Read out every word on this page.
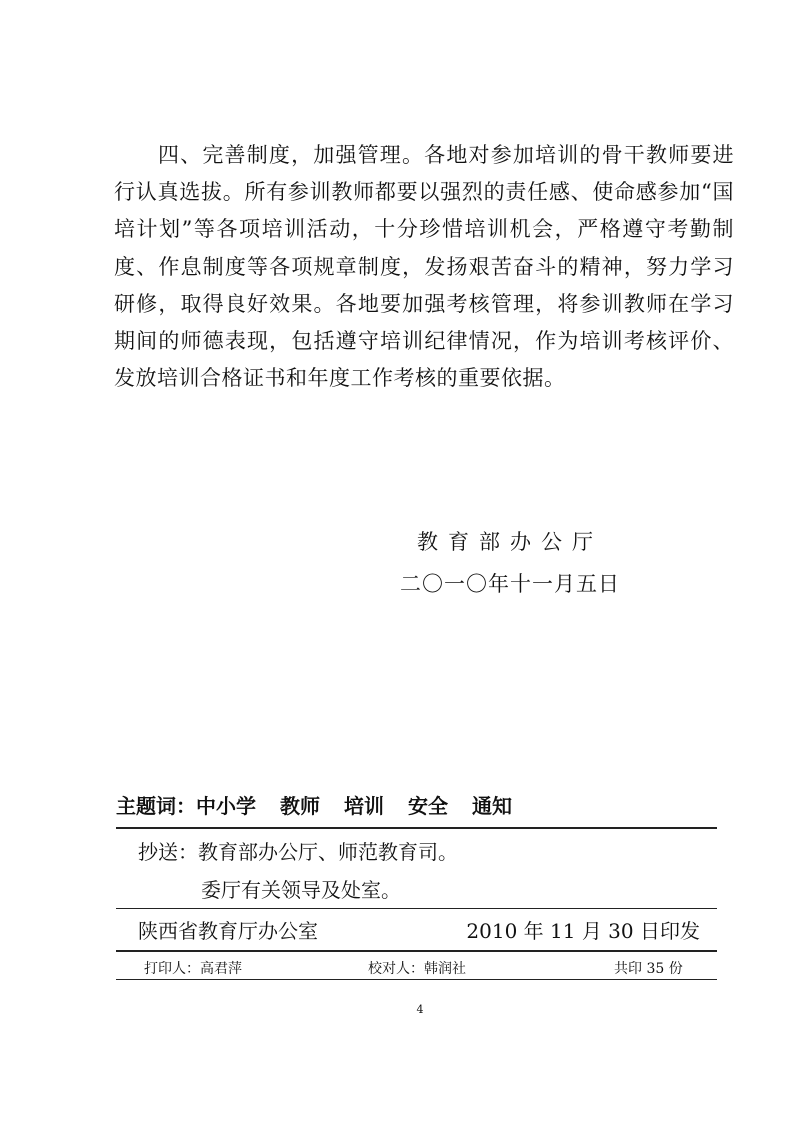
四、完善制度，加强管理。各地对参加培训的骨干教师要进行认真选拔。所有参训教师都要以强烈的责任感、使命感参加“国培计划”等各项培训活动，十分珍惜培训机会，严格遵守考勤制度、作息制度等各项规章制度，发扬艰苦奋斗的精神，努力学习研修，取得良好效果。各地要加强考核管理，将参训教师在学习期间的师德表现，包括遵守培训纪律情况，作为培训考核评价、发放培训合格证书和年度工作考核的重要依据。

教育部办公厅

二〇一〇年十一月五日

主题词：中小学 教师 培训 安全 通知
抄送：教育部办公厅、师范教育司。
委厅有关领导及处室。
陕西省教育厅办公室	2010 年 11 月 30 日印发
打印人：高君萍	校对人：韩润社	共印 35 份
4
